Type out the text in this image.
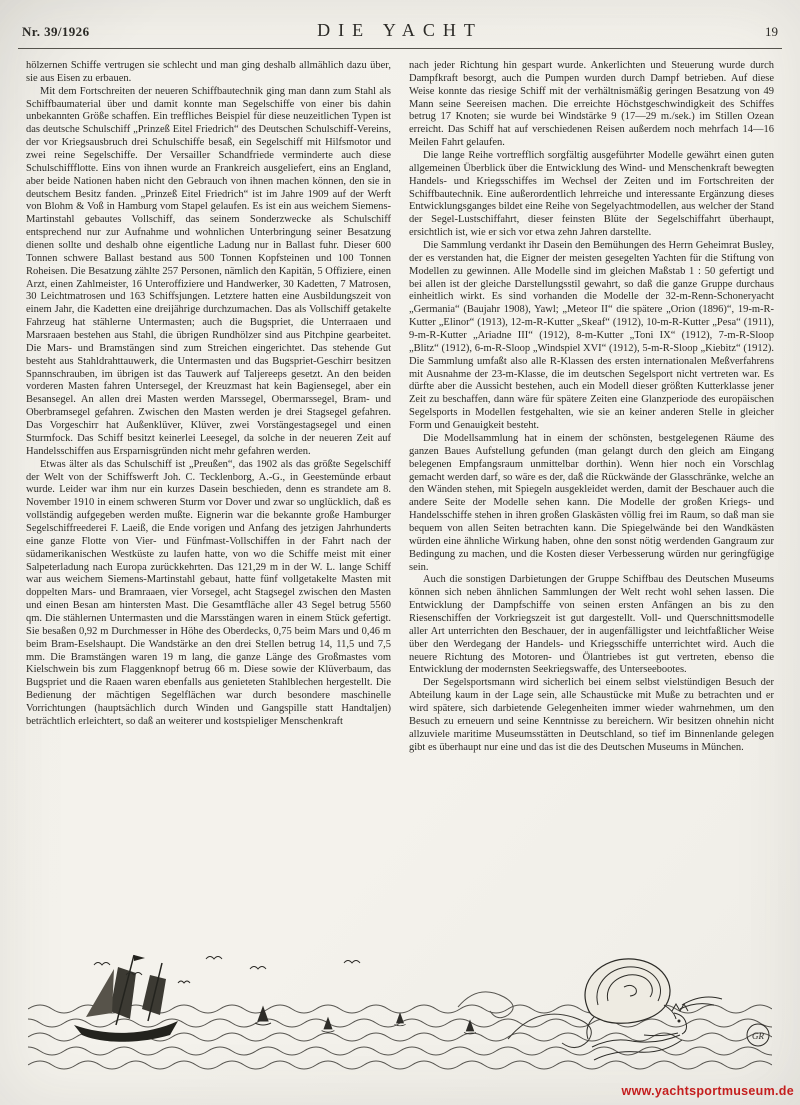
Nr. 39/1926	DIE YACHT	19

hölzernen Schiffe vertrugen sie schlecht und man ging deshalb allmählich dazu über, sie aus Eisen zu erbauen.

Mit dem Fortschreiten der neueren Schiffbautechnik ging man dann zum Stahl als Schiffbaumaterial über und damit konnte man Segelschiffe von einer bis dahin unbekannten Größe schaffen. Ein treffliches Beispiel für diese neuzeitlichen Typen ist das deutsche Schulschiff „Prinzeß Eitel Friedrich“ des Deutschen Schulschiff-Vereins, der vor Kriegsausbruch drei Schulschiffe besaß, ein Segelschiff mit Hilfsmotor und zwei reine Segelschiffe. Der Versailler Schandfriede verminderte auch diese Schulschiffflotte. Eins von ihnen wurde an Frankreich ausgeliefert, eins an England, aber beide Nationen haben nicht den Gebrauch von ihnen machen können, den sie in deutschem Besitz fanden. „Prinzeß Eitel Friedrich“ ist im Jahre 1909 auf der Werft von Blohm & Voß in Hamburg vom Stapel gelaufen. Es ist ein aus weichem Siemens-Martinstahl gebautes Vollschiff, das seinem Sonderzwecke als Schulschiff entsprechend nur zur Aufnahme und wohnlichen Unterbringung seiner Besatzung dienen sollte und deshalb ohne eigentliche Ladung nur in Ballast fuhr. Dieser 600 Tonnen schwere Ballast bestand aus 500 Tonnen Kopfsteinen und 100 Tonnen Roheisen. Die Besatzung zählte 257 Personen, nämlich den Kapitän, 5 Offiziere, einen Arzt, einen Zahlmeister, 16 Unteroffiziere und Handwerker, 30 Kadetten, 7 Matrosen, 30 Leichtmatrosen und 163 Schiffsjungen. Letztere hatten eine Ausbildungszeit von einem Jahr, die Kadetten eine dreijährige durchzumachen. Das als Vollschiff getakelte Fahrzeug hat stählerne Untermasten; auch die Bugspriet, die Unterraaen und Marsraaen bestehen aus Stahl, die übrigen Rundhölzer sind aus Pitchpine gearbeitet. Die Mars- und Bramstängen sind zum Streichen eingerichtet. Das stehende Gut besteht aus Stahldrahttauwerk, die Untermasten und das Bugspriet-Geschirr besitzen Spannschrauben, im übrigen ist das Tauwerk auf Taljereeps gesetzt. An den beiden vorderen Masten fahren Untersegel, der Kreuzmast hat kein Bagiensegel, aber ein Besansegel. An allen drei Masten werden Marssegel, Obermarssegel, Bram- und Oberbramsegel gefahren. Zwischen den Masten werden je drei Stagsegel gefahren. Das Vorgeschirr hat Außenklüver, Klüver, zwei Vorstängestagsegel und einen Sturmfock. Das Schiff besitzt keinerlei Leesegel, da solche in der neueren Zeit auf Handelsschiffen aus Ersparnisgründen nicht mehr gefahren werden.

Etwas älter als das Schulschiff ist „Preußen“, das 1902 als das größte Segelschiff der Welt von der Schiffswerft Joh. C. Tecklenborg, A.-G., in Geestemünde erbaut wurde. Leider war ihm nur ein kurzes Dasein beschieden, denn es strandete am 8. November 1910 in einem schweren Sturm vor Dover und zwar so unglücklich, daß es vollständig aufgegeben werden mußte. Eignerin war die bekannte große Hamburger Segelschiffreederei F. Laeiß, die Ende vorigen und Anfang des jetzigen Jahrhunderts eine ganze Flotte von Vier- und Fünfmast-Vollschiffen in der Fahrt nach der südamerikanischen Westküste zu laufen hatte, von wo die Schiffe meist mit einer Salpeterladung nach Europa zurückkehrten. Das 121,29 m in der W. L. lange Schiff war aus weichem Siemens-Martinstahl gebaut, hatte fünf vollgetakelte Masten mit doppelten Mars- und Bramraaen, vier Vorsegel, acht Stagsegel zwischen den Masten und einen Besan am hintersten Mast. Die Gesamtfläche aller 43 Segel betrug 5560 qm. Die stählernen Untermasten und die Marsstängen waren in einem Stück gefertigt. Sie besaßen 0,92 m Durchmesser in Höhe des Oberdecks, 0,75 beim Mars und 0,46 m beim Bram-Eselshaupt. Die Wandstärke an den drei Stellen betrug 14, 11,5 und 7,5 mm. Die Bramstängen waren 19 m lang, die ganze Länge des Großmastes vom Kielschwein bis zum Flaggenknopf betrug 66 m. Diese sowie der Klüverbaum, das Bugspriet und die Raaen waren ebenfalls aus genieteten Stahlblechen hergestellt. Die Bedienung der mächtigen Segelflächen war durch besondere maschinelle Vorrichtungen (hauptsächlich durch Winden und Gangspille statt Handtaljen) beträchtlich erleichtert, so daß an weiterer und kostspieliger Menschenkraft

nach jeder Richtung hin gespart wurde. Ankerlichten und Steuerung wurde durch Dampfkraft besorgt, auch die Pumpen wurden durch Dampf betrieben. Auf diese Weise konnte das riesige Schiff mit der verhältnismäßig geringen Besatzung von 49 Mann seine Seereisen machen. Die erreichte Höchstgeschwindigkeit des Schiffes betrug 17 Knoten; sie wurde bei Windstärke 9 (17—29 m./sek.) im Stillen Ozean erreicht. Das Schiff hat auf verschiedenen Reisen außerdem noch mehrfach 14—16 Meilen Fahrt gelaufen.

Die lange Reihe vortrefflich sorgfältig ausgeführter Modelle gewährt einen guten allgemeinen Überblick über die Entwicklung des Wind- und Menschenkraft bewegten Handels- und Kriegsschiffes im Wechsel der Zeiten und im Fortschreiten der Schiffbautechnik. Eine außerordentlich lehrreiche und interessante Ergänzung dieses Entwicklungsganges bildet eine Reihe von Segelyachtmodellen, aus welcher der Stand der Segel-Lustschiffahrt, dieser feinsten Blüte der Segelschiffahrt überhaupt, ersichtlich ist, wie er sich vor etwa zehn Jahren darstellte.

Die Sammlung verdankt ihr Dasein den Bemühungen des Herrn Geheimrat Busley, der es verstanden hat, die Eigner der meisten gesegelten Yachten für die Stiftung von Modellen zu gewinnen. Alle Modelle sind im gleichen Maßstab 1 : 50 gefertigt und bei allen ist der gleiche Darstellungsstil gewahrt, so daß die ganze Gruppe durchaus einheitlich wirkt. Es sind vorhanden die Modelle der 32-m-Renn-Schoneryacht „Germania“ (Baujahr 1908), Yawl; „Meteor II“ die spätere „Orion (1896)“, 19-m-R-Kutter „Elinor“ (1913), 12-m-R-Kutter „Skeaf“ (1912), 10-m-R-Kutter „Pesa“ (1911), 9-m-R-Kutter „Ariadne III“ (1912), 8-m-Kutter „Toni IX“ (1912), 7-m-R-Sloop „Blitz“ (1912), 6-m-R-Sloop „Windspiel XVI“ (1912), 5-m-R-Sloop „Kiebitz“ (1912). Die Sammlung umfaßt also alle R-Klassen des ersten internationalen Meßverfahrens mit Ausnahme der 23-m-Klasse, die im deutschen Segelsport nicht vertreten war. Es dürfte aber die Aussicht bestehen, auch ein Modell dieser größten Kutterklasse jener Zeit zu beschaffen, dann wäre für spätere Zeiten eine Glanzperiode des europäischen Segelsports in Modellen festgehalten, wie sie an keiner anderen Stelle in gleicher Form und Genauigkeit besteht.

Die Modellsammlung hat in einem der schönsten, bestgelegenen Räume des ganzen Baues Aufstellung gefunden (man gelangt durch den gleich am Eingang belegenen Empfangsraum unmittelbar dorthin). Wenn hier noch ein Vorschlag gemacht werden darf, so wäre es der, daß die Rückwände der Glasschränke, welche an den Wänden stehen, mit Spiegeln ausgekleidet werden, damit der Beschauer auch die andere Seite der Modelle sehen kann. Die Modelle der großen Kriegs- und Handelsschiffe stehen in ihren großen Glaskästen völlig frei im Raum, so daß man sie bequem von allen Seiten betrachten kann. Die Spiegelwände bei den Wandkästen würden eine ähnliche Wirkung haben, ohne den sonst nötig werdenden Gangraum zur Bedingung zu machen, und die Kosten dieser Verbesserung würden nur geringfügige sein.

Auch die sonstigen Darbietungen der Gruppe Schiffbau des Deutschen Museums können sich neben ähnlichen Sammlungen der Welt recht wohl sehen lassen. Die Entwicklung der Dampfschiffe von seinen ersten Anfängen an bis zu den Riesenschiffen der Vorkriegszeit ist gut dargestellt. Voll- und Querschnittsmodelle aller Art unterrichten den Beschauer, der in augenfälligster und leichtfaßlicher Weise über den Werdegang der Handels- und Kriegsschiffe unterrichtet wird. Auch die neuere Richtung des Motoren- und Ölantriebes ist gut vertreten, ebenso die Entwicklung der modernsten Seekriegswaffe, des Unterseebootes.

Der Segelsportsmann wird sicherlich bei einem selbst vielstündigen Besuch der Abteilung kaum in der Lage sein, alle Schaustücke mit Muße zu betrachten und er wird spätere, sich darbietende Gelegenheiten immer wieder wahrnehmen, um den Besuch zu erneuern und seine Kenntnisse zu bereichern. Wir besitzen ohnehin nicht allzuviele maritime Museumsstätten in Deutschland, so tief im Binnenlande gelegen gibt es überhaupt nur eine und das ist die des Deutschen Museums in München.

GR
www.yachtsportmuseum.de
